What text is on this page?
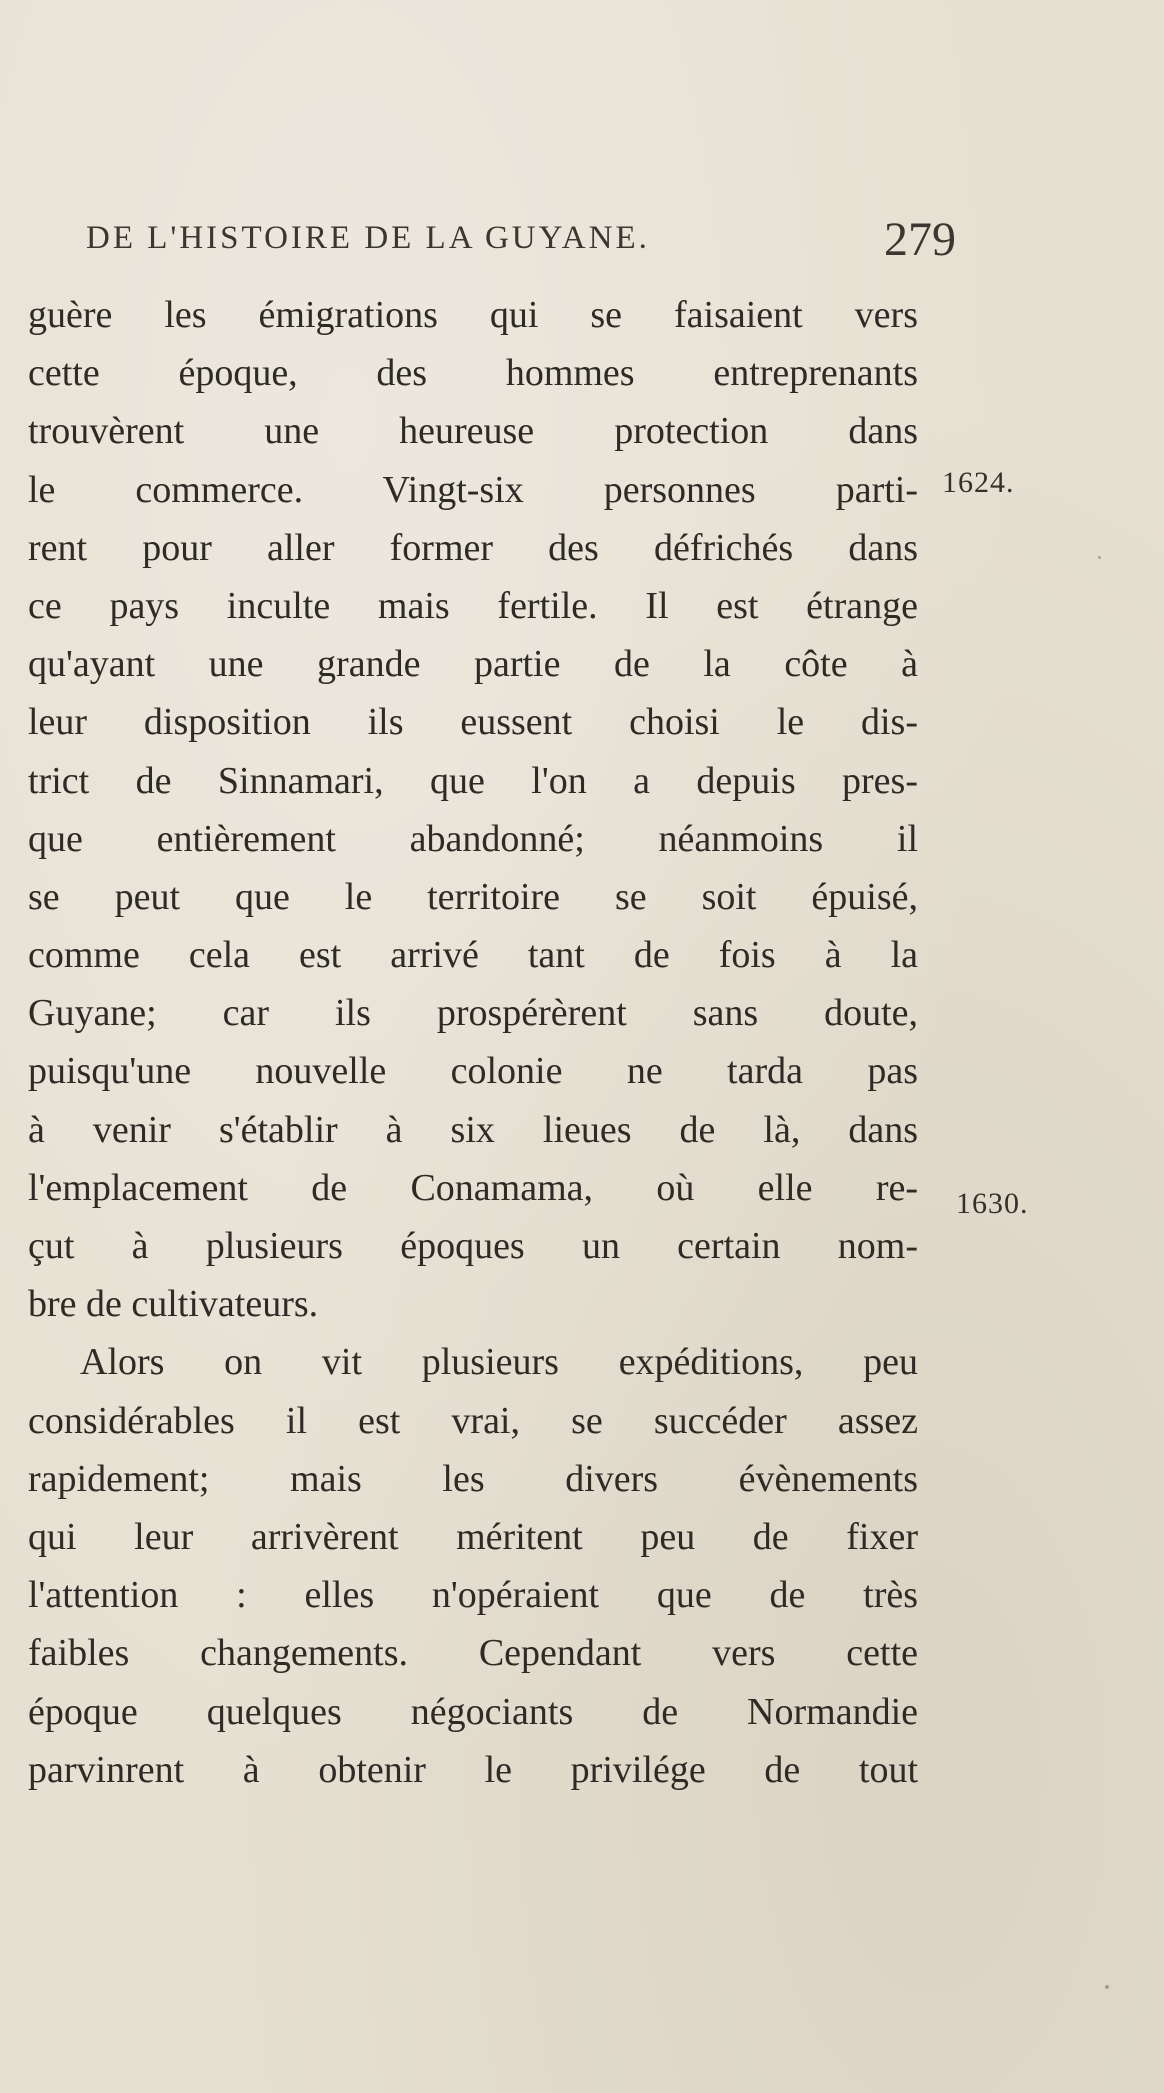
DE L'HISTOIRE DE LA GUYANE.	279
guère les émigrations qui se faisaient vers
cette époque, des hommes entreprenants
trouvèrent une heureuse protection dans
le commerce. Vingt-six personnes parti-
rent pour aller former des défrichés dans
ce pays inculte mais fertile. Il est étrange
qu'ayant une grande partie de la côte à
leur disposition ils eussent choisi le dis-
trict de Sinnamari, que l'on a depuis pres-
que entièrement abandonné; néanmoins il
se peut que le territoire se soit épuisé,
comme cela est arrivé tant de fois à la
Guyane; car ils prospérèrent sans doute,
puisqu'une nouvelle colonie ne tarda pas
à venir s'établir à six lieues de là, dans
l'emplacement de Conamama, où elle re-
çut à plusieurs époques un certain nom-
bre de cultivateurs.
Alors on vit plusieurs expéditions, peu
considérables il est vrai, se succéder assez
rapidement; mais les divers évènements
qui leur arrivèrent méritent peu de fixer
l'attention : elles n'opéraient que de très
faibles changements. Cependant vers cette
époque quelques négociants de Normandie
parvinrent à obtenir le privilége de tout
1624.
1630.
